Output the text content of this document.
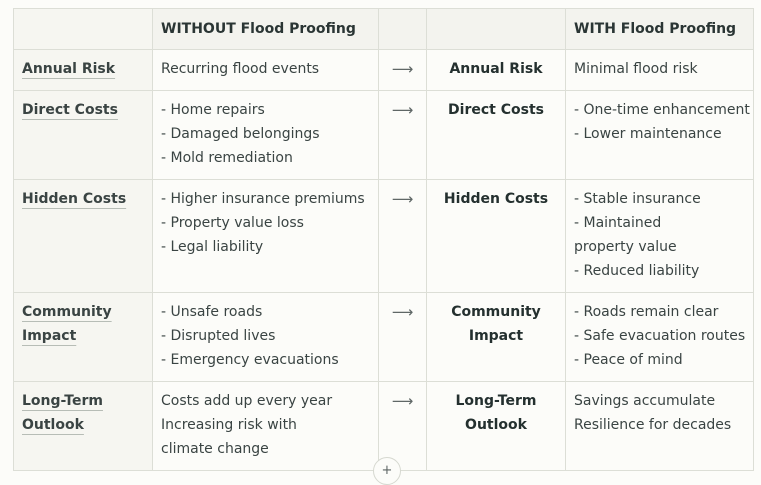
	WITHOUT Flood Proofing			WITH Flood Proofing

Annual Risk	Recurring flood events	⟶	Annual Risk	Minimal flood risk

Direct Costs	- Home repairs
- Damaged belongings
- Mold remediation	⟶	Direct Costs	- One-time enhancement
- Lower maintenance

Hidden Costs	- Higher insurance premiums
- Property value loss
- Legal liability	⟶	Hidden Costs	- Stable insurance
- Maintained
property value
- Reduced liability

Community
Impact	- Unsafe roads
- Disrupted lives
- Emergency evacuations	⟶	Community
Impact	- Roads remain clear
- Safe evacuation routes
- Peace of mind

Long-Term
Outlook	Costs add up every year
Increasing risk with
climate change	⟶	Long-Term
Outlook	Savings accumulate
Resilience for decades
+
